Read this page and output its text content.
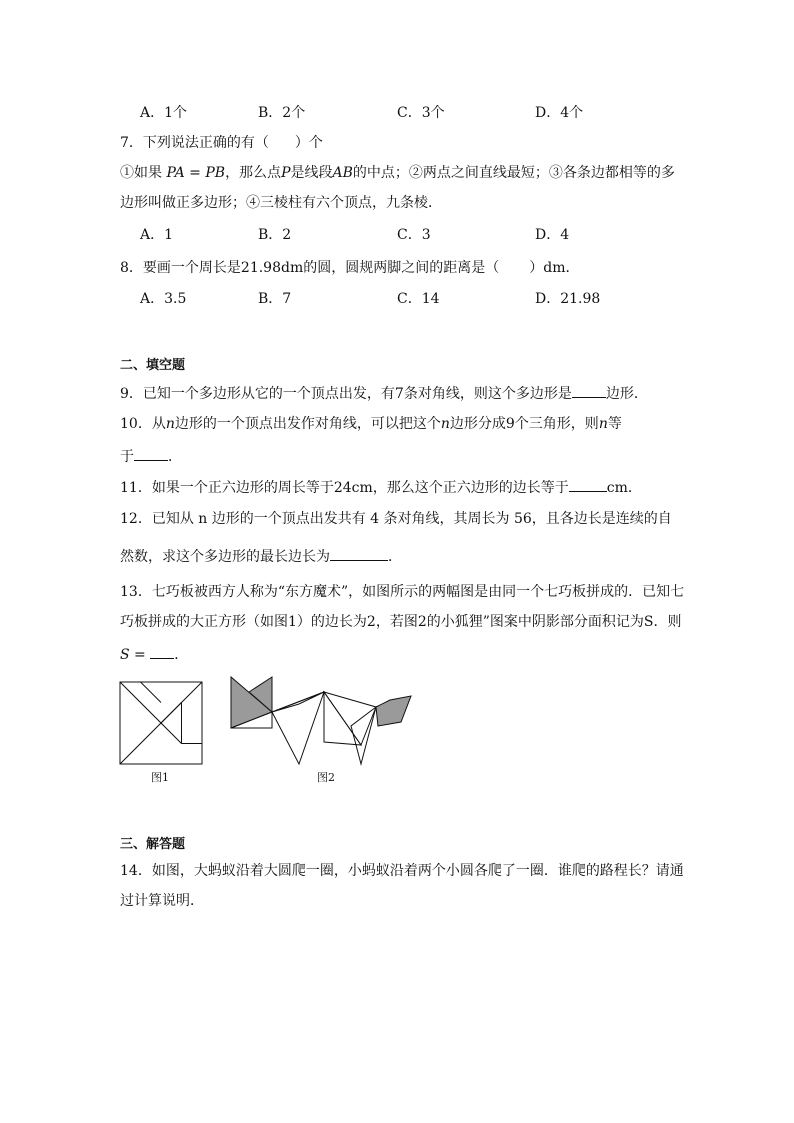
A．1个	B．2个	C．3个	D．4个
7．下列说法正确的有（ ）个
①如果 PA = PB，那么点P是线段AB的中点；②两点之间直线最短；③各条边都相等的多
边形叫做正多边形；④三棱柱有六个顶点，九条棱．
A．1	B．2	C．3	D．4
8．要画一个周长是21.98dm的圆，圆规两脚之间的距离是（ ）dm．
A．3.5	B．7	C．14	D．21.98
二、填空题
9．已知一个多边形从它的一个顶点出发，有7条对角线，则这个多边形是 边形．
10．从n边形的一个顶点出发作对角线，可以把这个n边形分成9个三角形，则n等
于 ．
11．如果一个正六边形的周长等于24cm，那么这个正六边形的边长等于	cm．
12．已知从 n 边形的一个顶点出发共有 4 条对角线，其周长为 56，且各边长是连续的自
然数，求这个多边形的最长边长为	．
13．七巧板被西方人称为“东方魔术”，如图所示的两幅图是由同一个七巧板拼成的．已知七
巧板拼成的大正方形（如图1）的边长为2，若图2的小狐狸”图案中阴影部分面积记为S．则
S = ．
图1	图2
三、解答题
14．如图，大蚂蚁沿着大圆爬一圈，小蚂蚁沿着两个小圆各爬了一圈．谁爬的路程长？请通
过计算说明．
